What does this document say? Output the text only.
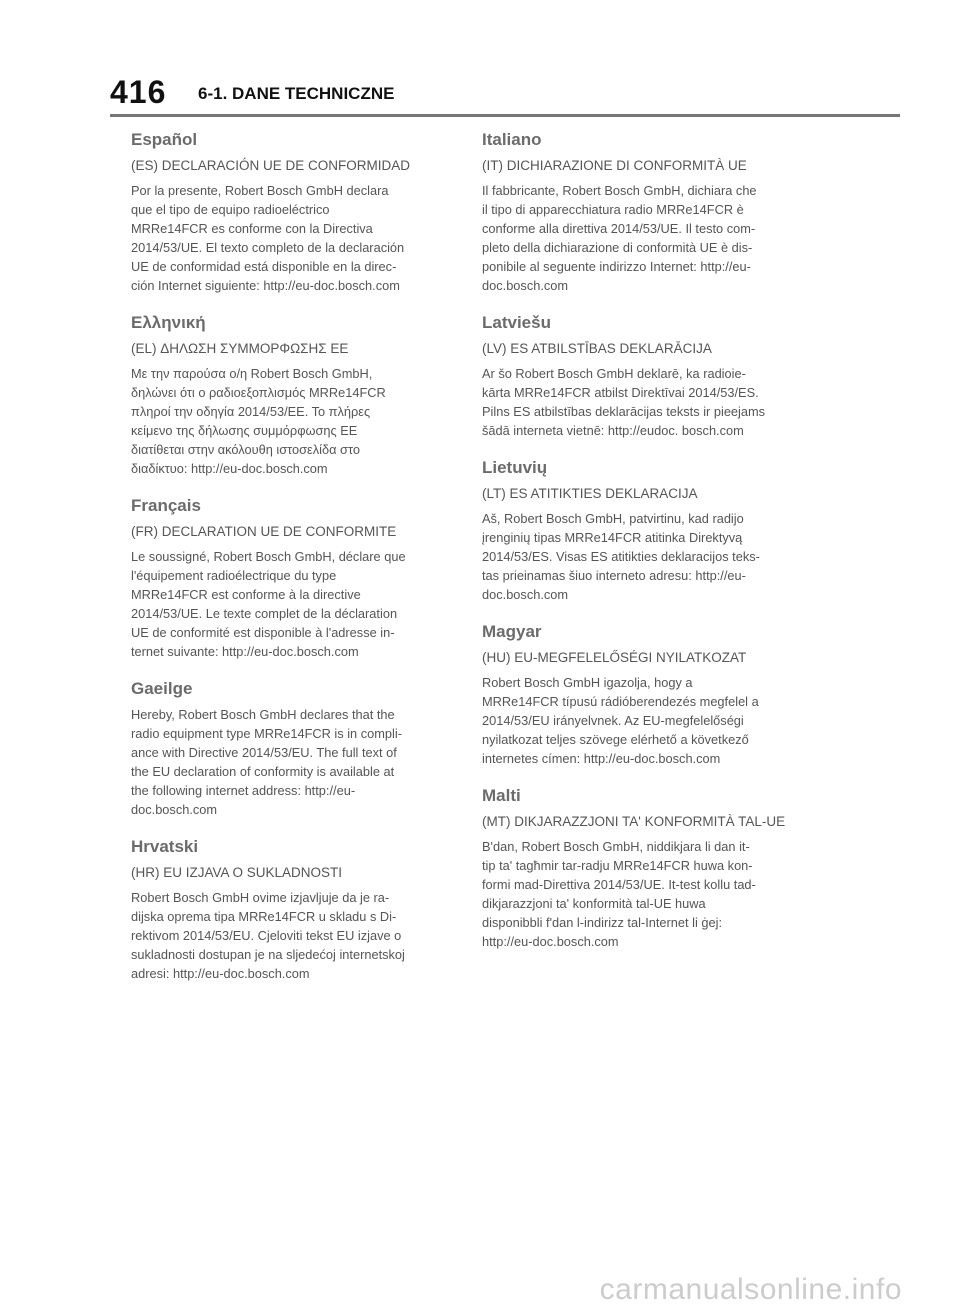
416 6-1. DANE TECHNICZNE
Español
(ES) DECLARACIÓN UE DE CONFORMIDAD
Por la presente, Robert Bosch GmbH declara
que el tipo de equipo radioeléctrico
MRRe14FCR es conforme con la Directiva
2014/53/UE. El texto completo de la declaración
UE de conformidad está disponible en la direc-
ción Internet siguiente: http://eu-doc.bosch.com
Ελληνική
(EL) ΔΗΛΩΣΗ ΣΥΜΜΟΡΦΩΣΗΣ ΕΕ
Με την παρούσα ο/η Robert Bosch GmbH,
δηλώνει ότι ο ραδιοεξοπλισμός MRRe14FCR
πληροί την οδηγία 2014/53/ΕΕ. Το πλήρες
κείμενο της δήλωσης συμμόρφωσης ΕΕ
διατίθεται στην ακόλουθη ιστοσελίδα στο
διαδίκτυο: http://eu-doc.bosch.com
Français
(FR) DECLARATION UE DE CONFORMITE
Le soussigné, Robert Bosch GmbH, déclare que
l'équipement radioélectrique du type
MRRe14FCR est conforme à la directive
2014/53/UE. Le texte complet de la déclaration
UE de conformité est disponible à l'adresse in-
ternet suivante: http://eu-doc.bosch.com
Gaeilge
Hereby, Robert Bosch GmbH declares that the
radio equipment type MRRe14FCR is in compli-
ance with Directive 2014/53/EU. The full text of
the EU declaration of conformity is available at
the following internet address: http://eu-
doc.bosch.com
Hrvatski
(HR) EU IZJAVA O SUKLADNOSTI
Robert Bosch GmbH ovime izjavljuje da je ra-
dijska oprema tipa MRRe14FCR u skladu s Di-
rektivom 2014/53/EU. Cjeloviti tekst EU izjave o
sukladnosti dostupan je na sljedećoj internetskoj
adresi: http://eu-doc.bosch.com
Italiano
(IT) DICHIARAZIONE DI CONFORMITÀ UE
Il fabbricante, Robert Bosch GmbH, dichiara che
il tipo di apparecchiatura radio MRRe14FCR è
conforme alla direttiva 2014/53/UE. Il testo com-
pleto della dichiarazione di conformità UE è dis-
ponibile al seguente indirizzo Internet: http://eu-
doc.bosch.com
Latviešu
(LV) ES ATBILSTĪBAS DEKLARĀCIJA
Ar šo Robert Bosch GmbH deklarē, ka radioie-
kārta MRRe14FCR atbilst Direktīvai 2014/53/ES.
Pilns ES atbilstības deklarācijas teksts ir pieejams
šādā interneta vietnē: http://eudoc. bosch.com
Lietuvių
(LT) ES ATITIKTIES DEKLARACIJA
Aš, Robert Bosch GmbH, patvirtinu, kad radijo
įrenginių tipas MRRe14FCR atitinka Direktyvą
2014/53/ES. Visas ES atitikties deklaracijos teks-
tas prieinamas šiuo interneto adresu: http://eu-
doc.bosch.com
Magyar
(HU) EU-MEGFELELŐSÉGI NYILATKOZAT
Robert Bosch GmbH igazolja, hogy a
MRRe14FCR típusú rádióberendezés megfelel a
2014/53/EU irányelvnek. Az EU-megfelelőségi
nyilatkozat teljes szövege elérhető a következő
internetes címen: http://eu-doc.bosch.com
Malti
(MT) DIKJARAZZJONI TA' KONFORMITÀ TAL-UE
B'dan, Robert Bosch GmbH, niddikjara li dan it-
tip ta' tagħmir tar-radju MRRe14FCR huwa kon-
formi mad-Direttiva 2014/53/UE. It-test kollu tad-
dikjarazzjoni ta' konformità tal-UE huwa
disponibbli f'dan l-indirizz tal-Internet li ġej:
http://eu-doc.bosch.com
carmanualsonline.info
